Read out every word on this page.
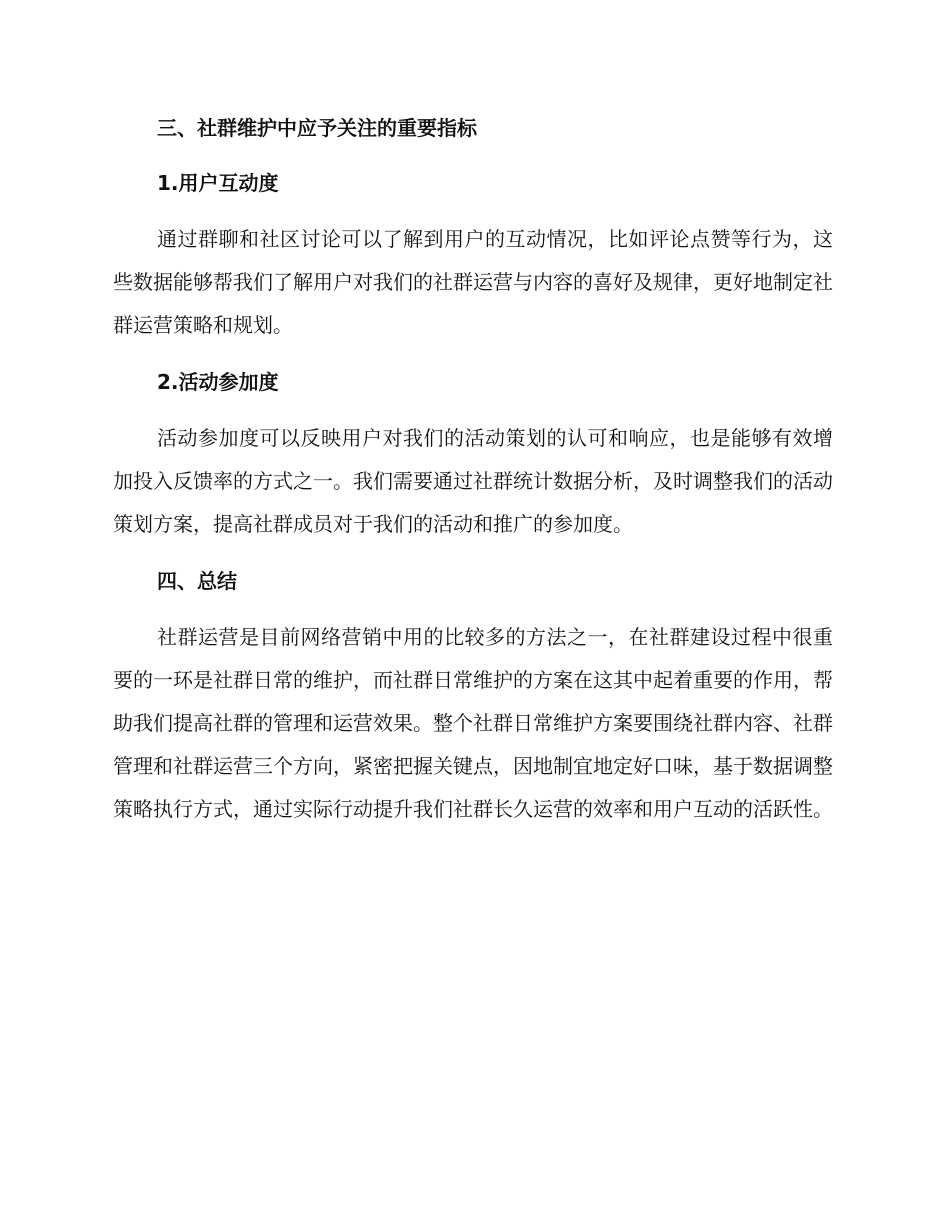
三、社群维护中应予关注的重要指标
1.用户互动度

通过群聊和社区讨论可以了解到用户的互动情况，比如评论点赞等行为，这些数据能够帮我们了解用户对我们的社群运营与内容的喜好及规律，更好地制定社群运营策略和规划。

2.活动参加度

活动参加度可以反映用户对我们的活动策划的认可和响应，也是能够有效增加投入反馈率的方式之一。我们需要通过社群统计数据分析，及时调整我们的活动策划方案，提高社群成员对于我们的活动和推广的参加度。

四、总结

社群运营是目前网络营销中用的比较多的方法之一，在社群建设过程中很重要的一环是社群日常的维护，而社群日常维护的方案在这其中起着重要的作用，帮助我们提高社群的管理和运营效果。整个社群日常维护方案要围绕社群内容、社群管理和社群运营三个方向，紧密把握关键点，因地制宜地定好口味，基于数据调整策略执行方式，通过实际行动提升我们社群长久运营的效率和用户互动的活跃性。
